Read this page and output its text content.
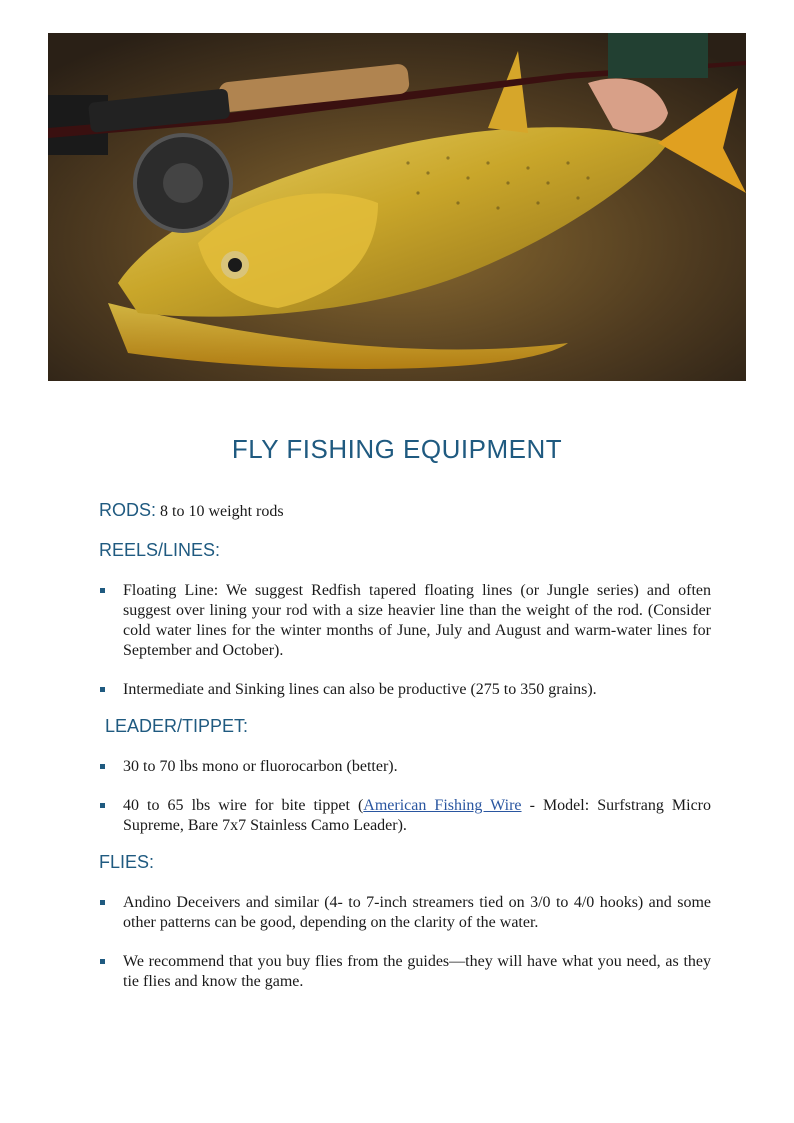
FLY FISHING EQUIPMENT
RODS: 8 to 10 weight rods
REELS/LINES:
Floating Line: We suggest Redfish tapered floating lines (or Jungle series) and often suggest over lining your rod with a size heavier line than the weight of the rod. (Consider cold water lines for the winter months of June, July and August and warm-water lines for September and October).
Intermediate and Sinking lines can also be productive (275 to 350 grains).
LEADER/TIPPET:
30 to 70 lbs mono or fluorocarbon (better).
40 to 65 lbs wire for bite tippet (American Fishing Wire - Model: Surfstrang Micro Supreme, Bare 7x7 Stainless Camo Leader).
FLIES:
Andino Deceivers and similar (4- to 7-inch streamers tied on 3/0 to 4/0 hooks) and some other patterns can be good, depending on the clarity of the water.
We recommend that you buy flies from the guides—they will have what you need, as they tie flies and know the game.
